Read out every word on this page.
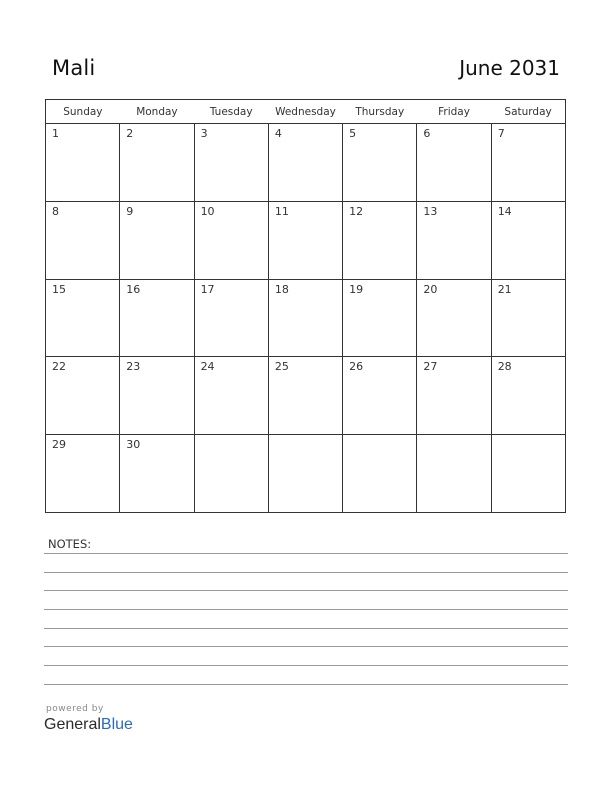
Mali	June 2031
Sunday	Monday	Tuesday	Wednesday	Thursday	Friday	Saturday
1	2	3	4	5	6	7
8	9	10	11	12	13	14
15	16	17	18	19	20	21
22	23	24	25	26	27	28
29	30					
NOTES:
powered by
GeneralBlue
